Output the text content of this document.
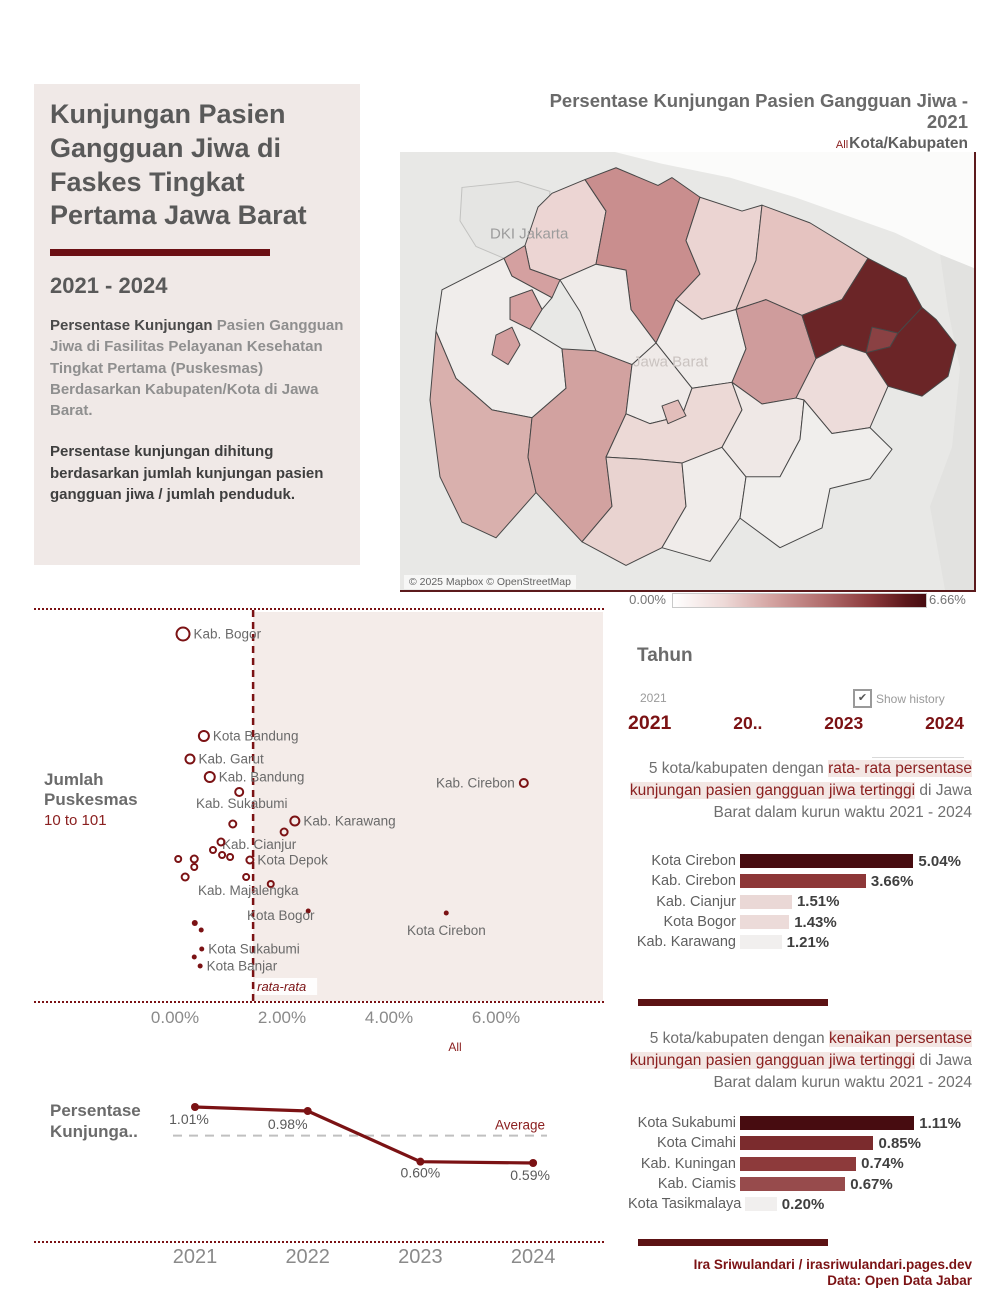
Kunjungan Pasien Gangguan Jiwa di Faskes Tingkat Pertama Jawa Barat
2021 - 2024

Persentase Kunjungan Pasien Gangguan Jiwa di Fasilitas Pelayanan Kesehatan Tingkat Pertama (Puskesmas) Berdasarkan Kabupaten/Kota di Jawa Barat.

Persentase kunjungan dihitung berdasarkan jumlah kunjungan pasien gangguan jiwa / jumlah penduduk.

Persentase Kunjungan Pasien Gangguan Jiwa -
2021
AllKota/Kabupaten
DKI Jakarta
Jawa Barat
© 2025 Mapbox © OpenStreetMap
0.00%	6.66%
Kab. Bogor
Kota Bandung
Kab. Garut
Kab. Bandung
Kab. Sukabumi
Kab. Karawang
Kab. Cianjur
Kota Depok
Kab. Majalengka
Kota Bogor
Kota Cirebon
Kota Sukabumi
Kota Banjar
Kab. Cirebon
rata-rata
Jumlah Puskesmas
10 to 101
0.00%	2.00%	4.00%	6.00%
All
Persentase Kunjunga..	Average
1.01%	0.98%
0.60%	0.59%
2021	2022	2023	2024
Tahun
2021	✔ Show history
2021	20..	2023	2024
5 kota/kabupaten dengan rata- rata persentase kunjungan pasien gangguan jiwa tertinggi di Jawa Barat dalam kurun waktu 2021 - 2024
Kota Cirebon	5.04%
Kab. Cirebon	3.66%
Kab. Cianjur	1.51%
Kota Bogor	1.43%
Kab. Karawang	1.21%
5 kota/kabupaten dengan kenaikan persentase kunjungan pasien gangguan jiwa tertinggi di Jawa Barat dalam kurun waktu 2021 - 2024
Kota Sukabumi	1.11%
Kota Cimahi	0.85%
Kab. Kuningan	0.74%
Kab. Ciamis	0.67%
Kota Tasikmalaya	0.20%
Ira Sriwulandari / irasriwulandari.pages.dev
Data: Open Data Jabar
